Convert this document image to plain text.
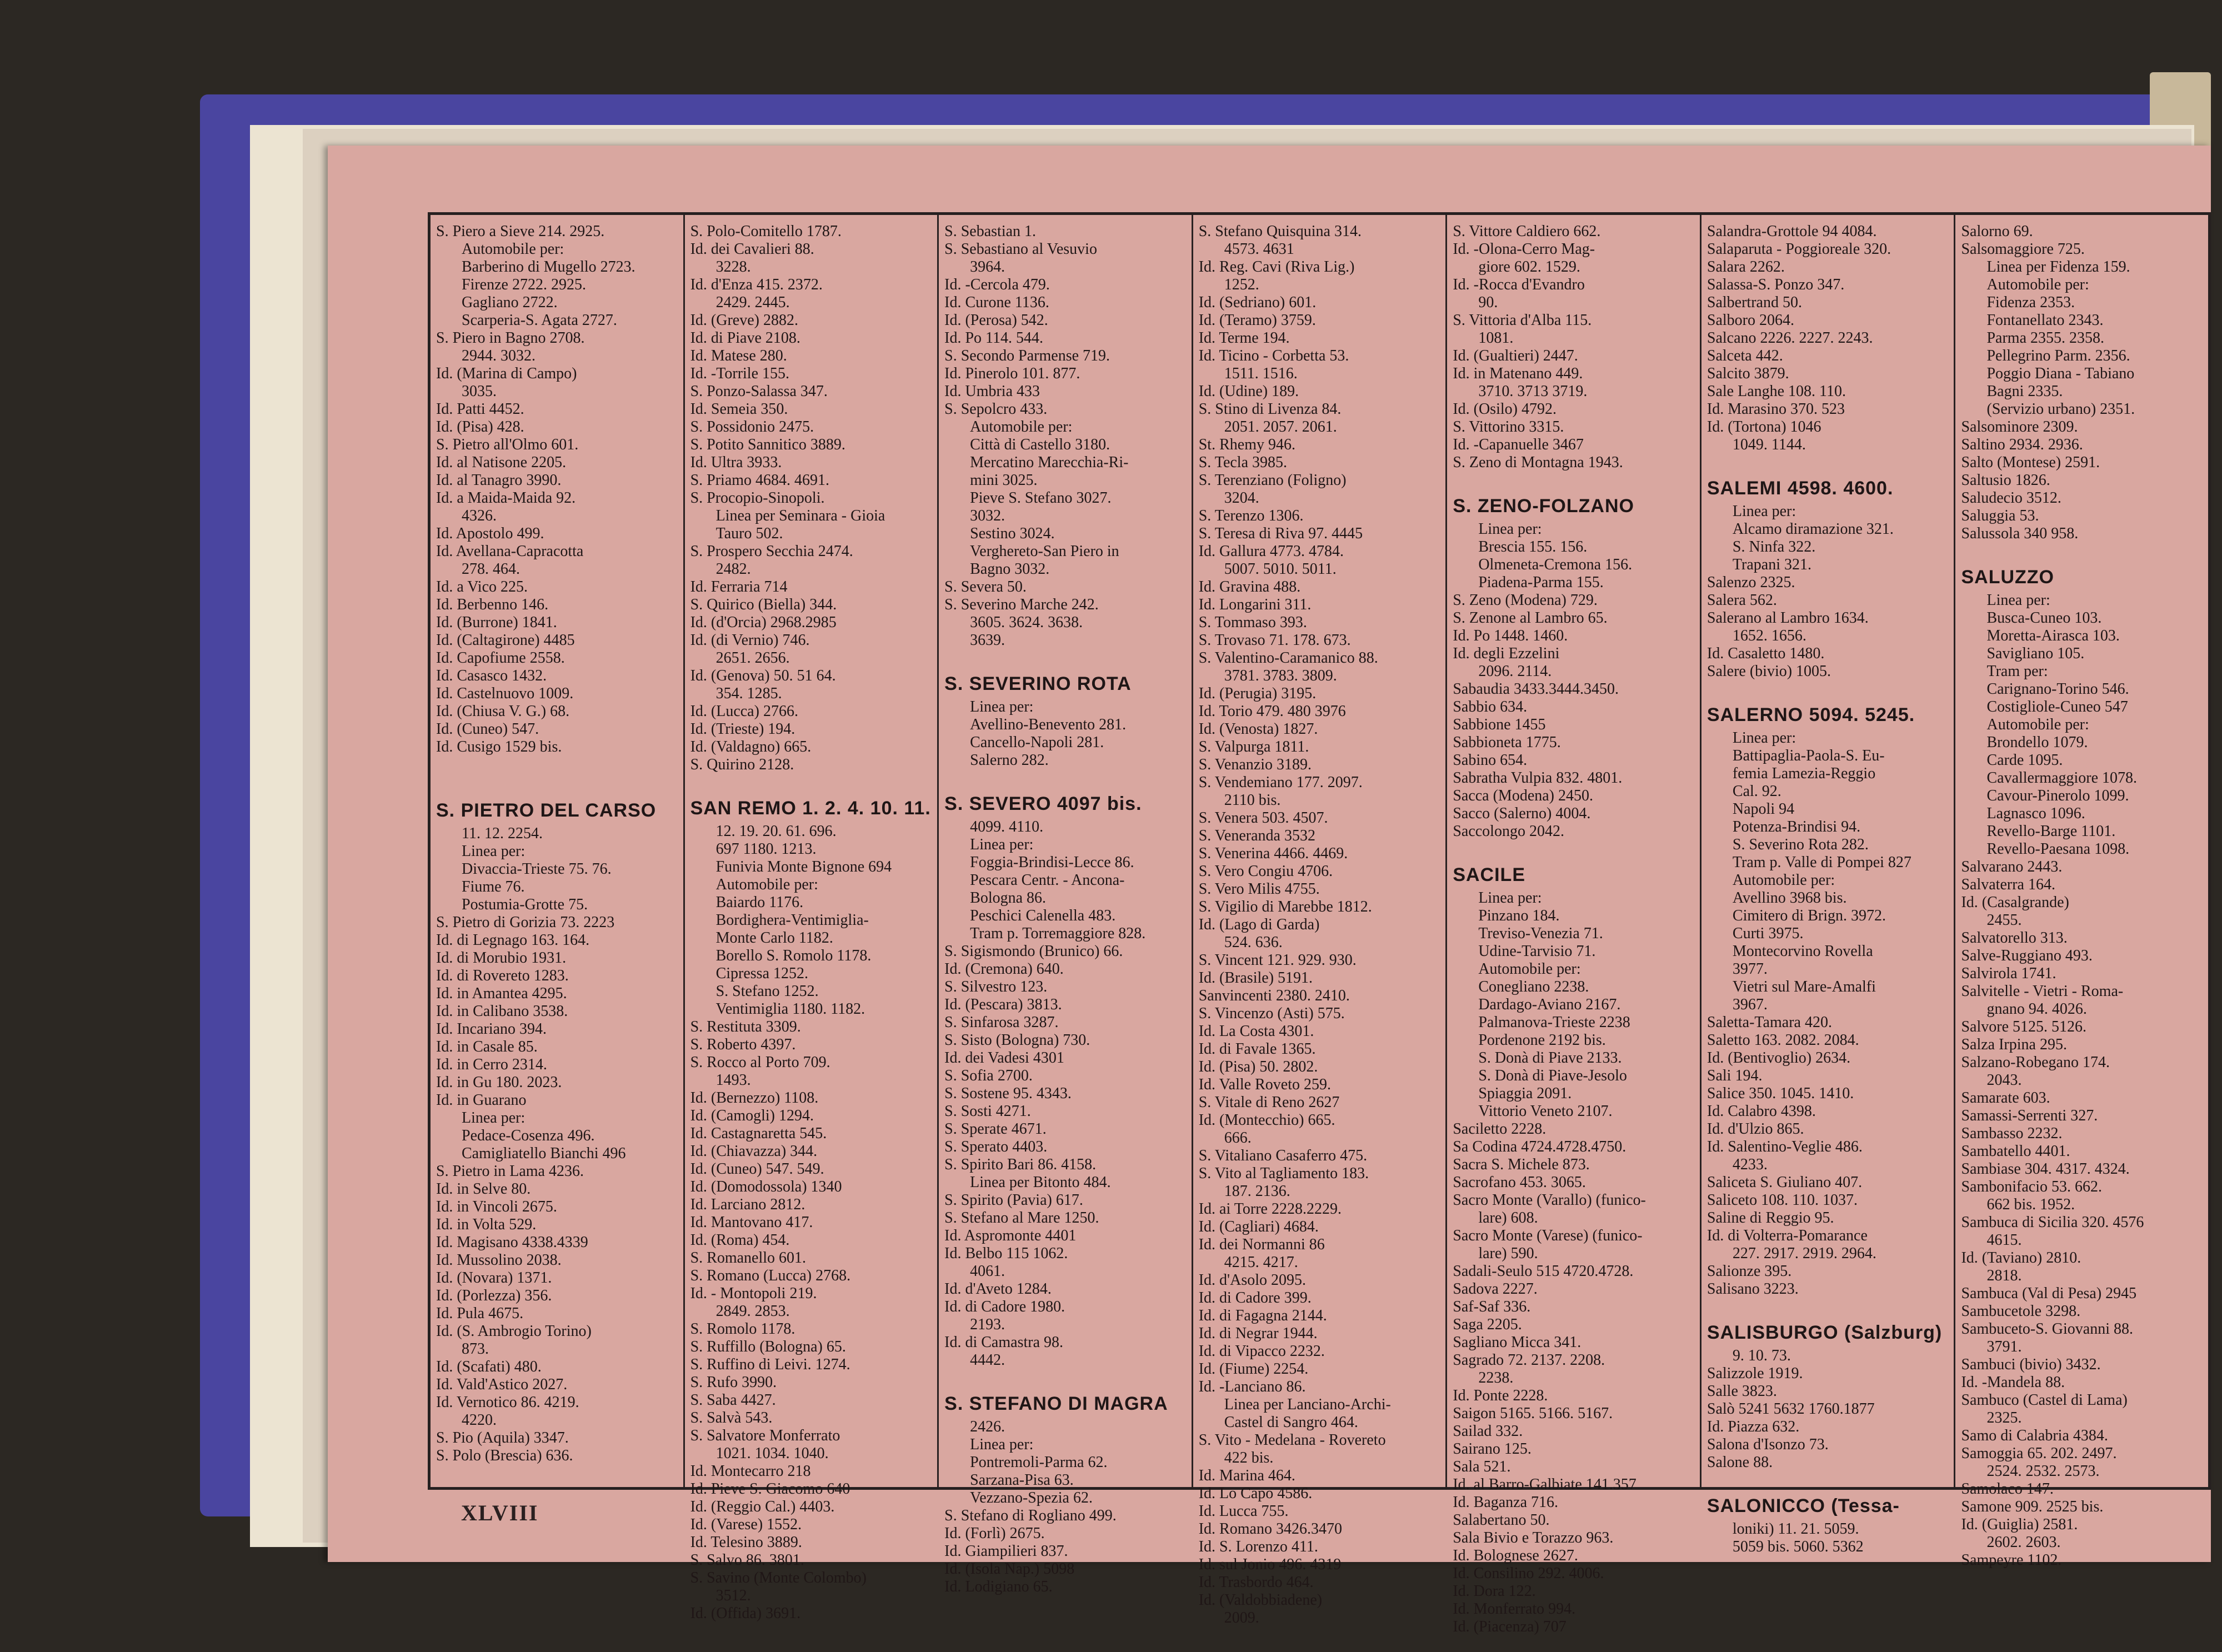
S. Piero a Sieve 214. 2925.
Automobile per:
Barberino di Mugello 2723.
Firenze 2722. 2925.
Gagliano 2722.
Scarperia-S. Agata 2727.
S. Piero in Bagno 2708.
2944. 3032.
Id. (Marina di Campo)
3035.
Id. Patti 4452.
Id. (Pisa) 428.
S. Pietro all'Olmo 601.
Id. al Natisone 2205.
Id. al Tanagro 3990.
Id. a Maida-Maida 92.
4326.
Id. Apostolo 499.
Id. Avellana-Capracotta
278. 464.
Id. a Vico 225.
Id. Berbenno 146.
Id. (Burrone) 1841.
Id. (Caltagirone) 4485
Id. Capofiume 2558.
Id. Casasco 1432.
Id. Castelnuovo 1009.
Id. (Chiusa V. G.) 68.
Id. (Cuneo) 547.
Id. Cusigo 1529 bis.
S. PIETRO DEL CARSO
11. 12. 2254.
Linea per:
Divaccia-Trieste 75. 76.
Fiume 76.
Postumia-Grotte 75.
S. Pietro di Gorizia 73. 2223
Id. di Legnago 163. 164.
Id. di Morubio 1931.
Id. di Rovereto 1283.
Id. in Amantea 4295.
Id. in Calibano 3538.
Id. Incariano 394.
Id. in Casale 85.
Id. in Cerro 2314.
Id. in Gu 180. 2023.
Id. in Guarano
Linea per:
Pedace-Cosenza 496.
Camigliatello Bianchi 496
S. Pietro in Lama 4236.
Id. in Selve 80.
Id. in Vincoli 2675.
Id. in Volta 529.
Id. Magisano 4338.4339
Id. Mussolino 2038.
Id. (Novara) 1371.
Id. (Porlezza) 356.
Id. Pula 4675.
Id. (S. Ambrogio Torino)
873.
Id. (Scafati) 480.
Id. Vald'Astico 2027.
Id. Vernotico 86. 4219.
4220.
S. Pio (Aquila) 3347.
S. Polo (Brescia) 636.
S. Polo-Comitello 1787.
Id. dei Cavalieri 88.
3228.
Id. d'Enza 415. 2372.
2429. 2445.
Id. (Greve) 2882.
Id. di Piave 2108.
Id. Matese 280.
Id. -Torrile 155.
S. Ponzo-Salassa 347.
Id. Semeia 350.
S. Possidonio 2475.
S. Potito Sannitico 3889.
Id. Ultra 3933.
S. Priamo 4684. 4691.
S. Procopio-Sinopoli.
Linea per Seminara - Gioia
Tauro 502.
S. Prospero Secchia 2474.
2482.
Id. Ferraria 714
S. Quirico (Biella) 344.
Id. (d'Orcia) 2968.2985
Id. (di Vernio) 746.
2651. 2656.
Id. (Genova) 50. 51 64.
354. 1285.
Id. (Lucca) 2766.
Id. (Trieste) 194.
Id. (Valdagno) 665.
S. Quirino 2128.
SAN REMO 1. 2. 4. 10. 11.
12. 19. 20. 61. 696.
697 1180. 1213.
Funivia Monte Bignone 694
Automobile per:
Baiardo 1176.
Bordighera-Ventimiglia-
Monte Carlo 1182.
Borello S. Romolo 1178.
Cipressa 1252.
S. Stefano 1252.
Ventimiglia 1180. 1182.
S. Restituta 3309.
S. Roberto 4397.
S. Rocco al Porto 709.
1493.
Id. (Bernezzo) 1108.
Id. (Camogli) 1294.
Id. Castagnaretta 545.
Id. (Chiavazza) 344.
Id. (Cuneo) 547. 549.
Id. (Domodossola) 1340
Id. Larciano 2812.
Id. Mantovano 417.
Id. (Roma) 454.
S. Romanello 601.
S. Romano (Lucca) 2768.
Id. - Montopoli 219.
2849. 2853.
S. Romolo 1178.
S. Ruffillo (Bologna) 65.
S. Ruffino di Leivi. 1274.
S. Rufo 3990.
S. Saba 4427.
S. Salvà 543.
S. Salvatore Monferrato
1021. 1034. 1040.
Id. Montecarro 218
Id. Pieve S. Giacomo 640
Id. (Reggio Cal.) 4403.
Id. (Varese) 1552.
Id. Telesino 3889.
S. Salvo 86. 3801.
S. Savino (Monte Colombo)
3512.
Id. (Offida) 3691.
S. Sebastian 1.
S. Sebastiano al Vesuvio
3964.
Id. -Cercola 479.
Id. Curone 1136.
Id. (Perosa) 542.
Id. Po 114. 544.
S. Secondo Parmense 719.
Id. Pinerolo 101. 877.
Id. Umbria 433
S. Sepolcro 433.
Automobile per:
Città di Castello 3180.
Mercatino Marecchia-Ri-
mini 3025.
Pieve S. Stefano 3027.
3032.
Sestino 3024.
Verghereto-San Piero in
Bagno 3032.
S. Severa 50.
S. Severino Marche 242.
3605. 3624. 3638.
3639.
S. SEVERINO ROTA
Linea per:
Avellino-Benevento 281.
Cancello-Napoli 281.
Salerno 282.
S. SEVERO 4097 bis.
4099. 4110.
Linea per:
Foggia-Brindisi-Lecce 86.
Pescara Centr. - Ancona-
Bologna 86.
Peschici Calenella 483.
Tram p. Torremaggiore 828.
S. Sigismondo (Brunico) 66.
Id. (Cremona) 640.
S. Silvestro 123.
Id. (Pescara) 3813.
S. Sinfarosa 3287.
S. Sisto (Bologna) 730.
Id. dei Vadesi 4301
S. Sofia 2700.
S. Sostene 95. 4343.
S. Sosti 4271.
S. Sperate 4671.
S. Sperato 4403.
S. Spirito Bari 86. 4158.
Linea per Bitonto 484.
S. Spirito (Pavia) 617.
S. Stefano al Mare 1250.
Id. Aspromonte 4401
Id. Belbo 115 1062.
4061.
Id. d'Aveto 1284.
Id. di Cadore 1980.
2193.
Id. di Camastra 98.
4442.
S. STEFANO DI MAGRA
2426.
Linea per:
Pontremoli-Parma 62.
Sarzana-Pisa 63.
Vezzano-Spezia 62.
S. Stefano di Rogliano 499.
Id. (Forlì) 2675.
Id. Giampilieri 837.
Id. (Isola Nap.) 5098
Id. Lodigiano 65.
S. Stefano Quisquina 314.
4573. 4631
Id. Reg. Cavi (Riva Lig.)
1252.
Id. (Sedriano) 601.
Id. (Teramo) 3759.
Id. Terme 194.
Id. Ticino - Corbetta 53.
1511. 1516.
Id. (Udine) 189.
S. Stino di Livenza 84.
2051. 2057. 2061.
St. Rhemy 946.
S. Tecla 3985.
S. Terenziano (Foligno)
3204.
S. Terenzo 1306.
S. Teresa di Riva 97. 4445
Id. Gallura 4773. 4784.
5007. 5010. 5011.
Id. Gravina 488.
Id. Longarini 311.
S. Tommaso 393.
S. Trovaso 71. 178. 673.
S. Valentino-Caramanico 88.
3781. 3783. 3809.
Id. (Perugia) 3195.
Id. Torio 479. 480 3976
Id. (Venosta) 1827.
S. Valpurga 1811.
S. Venanzio 3189.
S. Vendemiano 177. 2097.
2110 bis.
S. Venera 503. 4507.
S. Veneranda 3532
S. Venerina 4466. 4469.
S. Vero Congiu 4706.
S. Vero Milis 4755.
S. Vigilio di Marebbe 1812.
Id. (Lago di Garda)
524. 636.
S. Vincent 121. 929. 930.
Id. (Brasile) 5191.
Sanvincenti 2380. 2410.
S. Vincenzo (Asti) 575.
Id. La Costa 4301.
Id. di Favale 1365.
Id. (Pisa) 50. 2802.
Id. Valle Roveto 259.
S. Vitale di Reno 2627
Id. (Montecchio) 665.
666.
S. Vitaliano Casaferro 475.
S. Vito al Tagliamento 183.
187. 2136.
Id. ai Torre 2228.2229.
Id. (Cagliari) 4684.
Id. dei Normanni 86
4215. 4217.
Id. d'Asolo 2095.
Id. di Cadore 399.
Id. di Fagagna 2144.
Id. di Negrar 1944.
Id. di Vipacco 2232.
Id. (Fiume) 2254.
Id. -Lanciano 86.
Linea per Lanciano-Archi-
Castel di Sangro 464.
S. Vito - Medelana - Rovereto
422 bis.
Id. Marina 464.
Id. Lo Capo 4586.
Id. Lucca 755.
Id. Romano 3426.3470
Id. S. Lorenzo 411.
Id. sul Jonio 496. 4319
Id. Trasbordo 464.
Id. (Valdobbiadene)
2009.
S. Vittore Caldiero 662.
Id. -Olona-Cerro Mag-
giore 602. 1529.
Id. -Rocca d'Evandro
90.
S. Vittoria d'Alba 115.
1081.
Id. (Gualtieri) 2447.
Id. in Matenano 449.
3710. 3713 3719.
Id. (Osilo) 4792.
S. Vittorino 3315.
Id. -Capanuelle 3467
S. Zeno di Montagna 1943.
S. ZENO-FOLZANO
Linea per:
Brescia 155. 156.
Olmeneta-Cremona 156.
Piadena-Parma 155.
S. Zeno (Modena) 729.
S. Zenone al Lambro 65.
Id. Po 1448. 1460.
Id. degli Ezzelini
2096. 2114.
Sabaudia 3433.3444.3450.
Sabbio 634.
Sabbione 1455
Sabbioneta 1775.
Sabino 654.
Sabratha Vulpia 832. 4801.
Sacca (Modena) 2450.
Sacco (Salerno) 4004.
Saccolongo 2042.
SACILE
Linea per:
Pinzano 184.
Treviso-Venezia 71.
Udine-Tarvisio 71.
Automobile per:
Conegliano 2238.
Dardago-Aviano 2167.
Palmanova-Trieste 2238
Pordenone 2192 bis.
S. Donà di Piave 2133.
S. Donà di Piave-Jesolo
Spiaggia 2091.
Vittorio Veneto 2107.
Saciletto 2228.
Sa Codina 4724.4728.4750.
Sacra S. Michele 873.
Sacrofano 453. 3065.
Sacro Monte (Varallo) (funico-
lare) 608.
Sacro Monte (Varese) (funico-
lare) 590.
Sadali-Seulo 515 4720.4728.
Sadova 2227.
Saf-Saf 336.
Saga 2205.
Sagliano Micca 341.
Sagrado 72. 2137. 2208.
2238.
Id. Ponte 2228.
Saigon 5165. 5166. 5167.
Sailad 332.
Sairano 125.
Sala 521.
Id. al Barro-Galbiate 141.357
Id. Baganza 716.
Salabertano 50.
Sala Bivio e Torazzo 963.
Id. Bolognese 2627.
Id. Consilino 292. 4006.
Id. Dora 122.
Id. Monferrato 994.
Id. (Piacenza) 707
Salandra-Grottole 94 4084.
Salaparuta - Poggioreale 320.
Salara 2262.
Salassa-S. Ponzo 347.
Salbertrand 50.
Salboro 2064.
Salcano 2226. 2227. 2243.
Salceta 442.
Salcito 3879.
Sale Langhe 108. 110.
Id. Marasino 370. 523
Id. (Tortona) 1046
1049. 1144.
SALEMI 4598. 4600.
Linea per:
Alcamo diramazione 321.
S. Ninfa 322.
Trapani 321.
Salenzo 2325.
Salera 562.
Salerano al Lambro 1634.
1652. 1656.
Id. Casaletto 1480.
Salere (bivio) 1005.
SALERNO 5094. 5245.
Linea per:
Battipaglia-Paola-S. Eu-
femia Lamezia-Reggio
Cal. 92.
Napoli 94
Potenza-Brindisi 94.
S. Severino Rota 282.
Tram p. Valle di Pompei 827
Automobile per:
Avellino 3968 bis.
Cimitero di Brign. 3972.
Curti 3975.
Montecorvino Rovella
3977.
Vietri sul Mare-Amalfi
3967.
Saletta-Tamara 420.
Saletto 163. 2082. 2084.
Id. (Bentivoglio) 2634.
Sali 194.
Salice 350. 1045. 1410.
Id. Calabro 4398.
Id. d'Ulzio 865.
Id. Salentino-Veglie 486.
4233.
Saliceta S. Giuliano 407.
Saliceto 108. 110. 1037.
Saline di Reggio 95.
Id. di Volterra-Pomarance
227. 2917. 2919. 2964.
Salionze 395.
Salisano 3223.
SALISBURGO (Salzburg)
9. 10. 73.
Salizzole 1919.
Salle 3823.
Salò 5241 5632 1760.1877
Id. Piazza 632.
Salona d'Isonzo 73.
Salone 88.
SALONICCO (Tessa-
loniki) 11. 21. 5059.
5059 bis. 5060. 5362
Salorno 69.
Salsomaggiore 725.
Linea per Fidenza 159.
Automobile per:
Fidenza 2353.
Fontanellato 2343.
Parma 2355. 2358.
Pellegrino Parm. 2356.
Poggio Diana - Tabiano
Bagni 2335.
(Servizio urbano) 2351.
Salsominore 2309.
Saltino 2934. 2936.
Salto (Montese) 2591.
Saltusio 1826.
Saludecio 3512.
Saluggia 53.
Salussola 340 958.
SALUZZO
Linea per:
Busca-Cuneo 103.
Moretta-Airasca 103.
Savigliano 105.
Tram per:
Carignano-Torino 546.
Costigliole-Cuneo 547
Automobile per:
Brondello 1079.
Carde 1095.
Cavallermaggiore 1078.
Cavour-Pinerolo 1099.
Lagnasco 1096.
Revello-Barge 1101.
Revello-Paesana 1098.
Salvarano 2443.
Salvaterra 164.
Id. (Casalgrande)
2455.
Salvatorello 313.
Salve-Ruggiano 493.
Salvirola 1741.
Salvitelle - Vietri - Roma-
gnano 94. 4026.
Salvore 5125. 5126.
Salza Irpina 295.
Salzano-Robegano 174.
2043.
Samarate 603.
Samassi-Serrenti 327.
Sambasso 2232.
Sambatello 4401.
Sambiase 304. 4317. 4324.
Sambonifacio 53. 662.
662 bis. 1952.
Sambuca di Sicilia 320. 4576
4615.
Id. (Taviano) 2810.
2818.
Sambuca (Val di Pesa) 2945
Sambucetole 3298.
Sambuceto-S. Giovanni 88.
3791.
Sambuci (bivio) 3432.
Id. -Mandela 88.
Sambuco (Castel di Lama)
2325.
Samo di Calabria 4384.
Samoggia 65. 202. 2497.
2524. 2532. 2573.
Samolaco 147.
Samone 909. 2525 bis.
Id. (Guiglia) 2581.
2602. 2603.
Sampeyre 1102.
XLVIII
